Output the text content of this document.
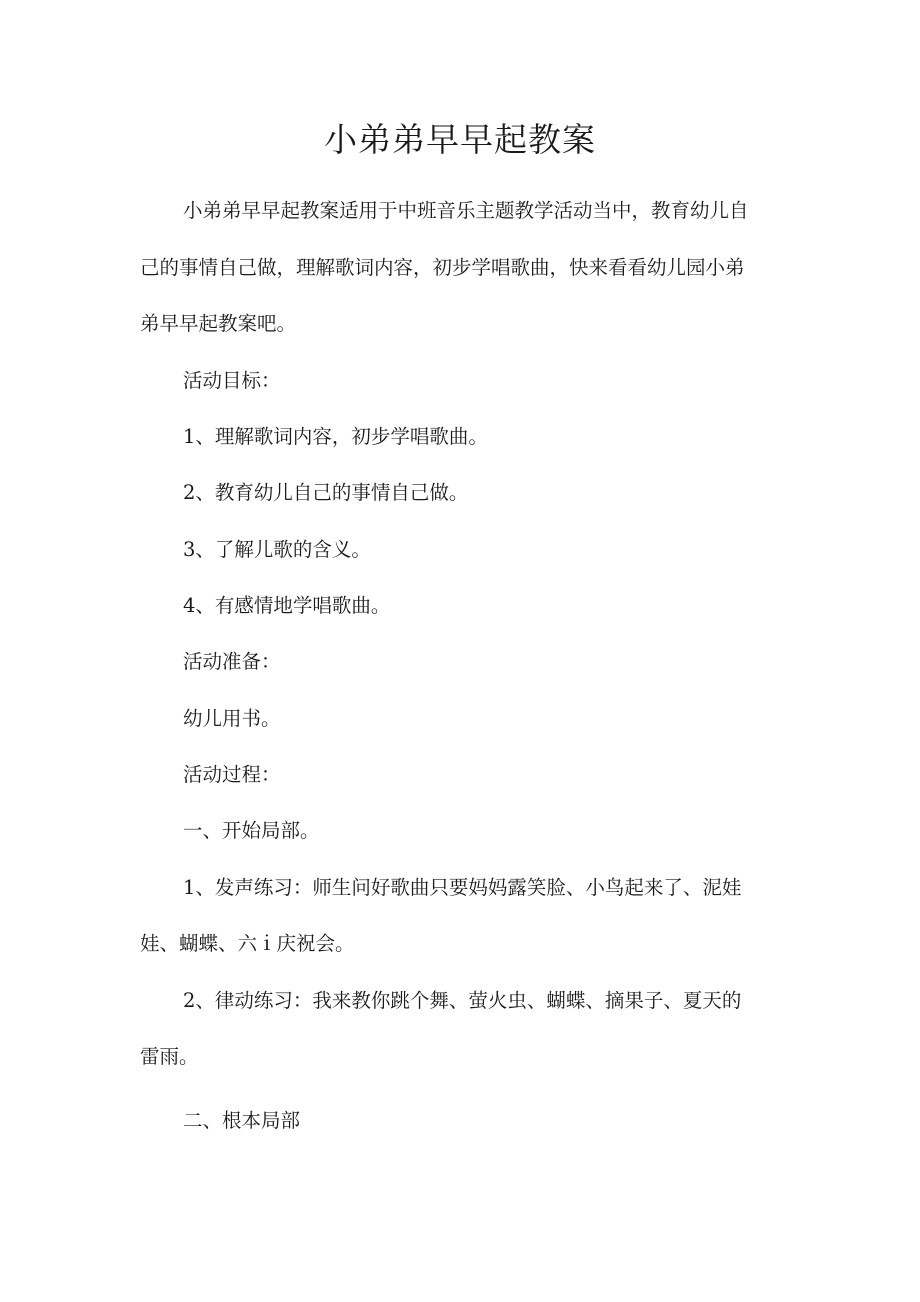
小弟弟早早起教案

小弟弟早早起教案适用于中班音乐主题教学活动当中，教育幼儿自

己的事情自己做，理解歌词内容，初步学唱歌曲，快来看看幼儿园小弟

弟早早起教案吧。

活动目标：

1、理解歌词内容，初步学唱歌曲。

2、教育幼儿自己的事情自己做。

3、了解儿歌的含义。

4、有感情地学唱歌曲。

活动准备：

幼儿用书。

活动过程：

一、开始局部。

1、发声练习：师生问好歌曲只要妈妈露笑脸、小鸟起来了、泥娃

娃、蝴蝶、六ｉ庆祝会。

2、律动练习：我来教你跳个舞、萤火虫、蝴蝶、摘果子、夏天的

雷雨。

二、根本局部
